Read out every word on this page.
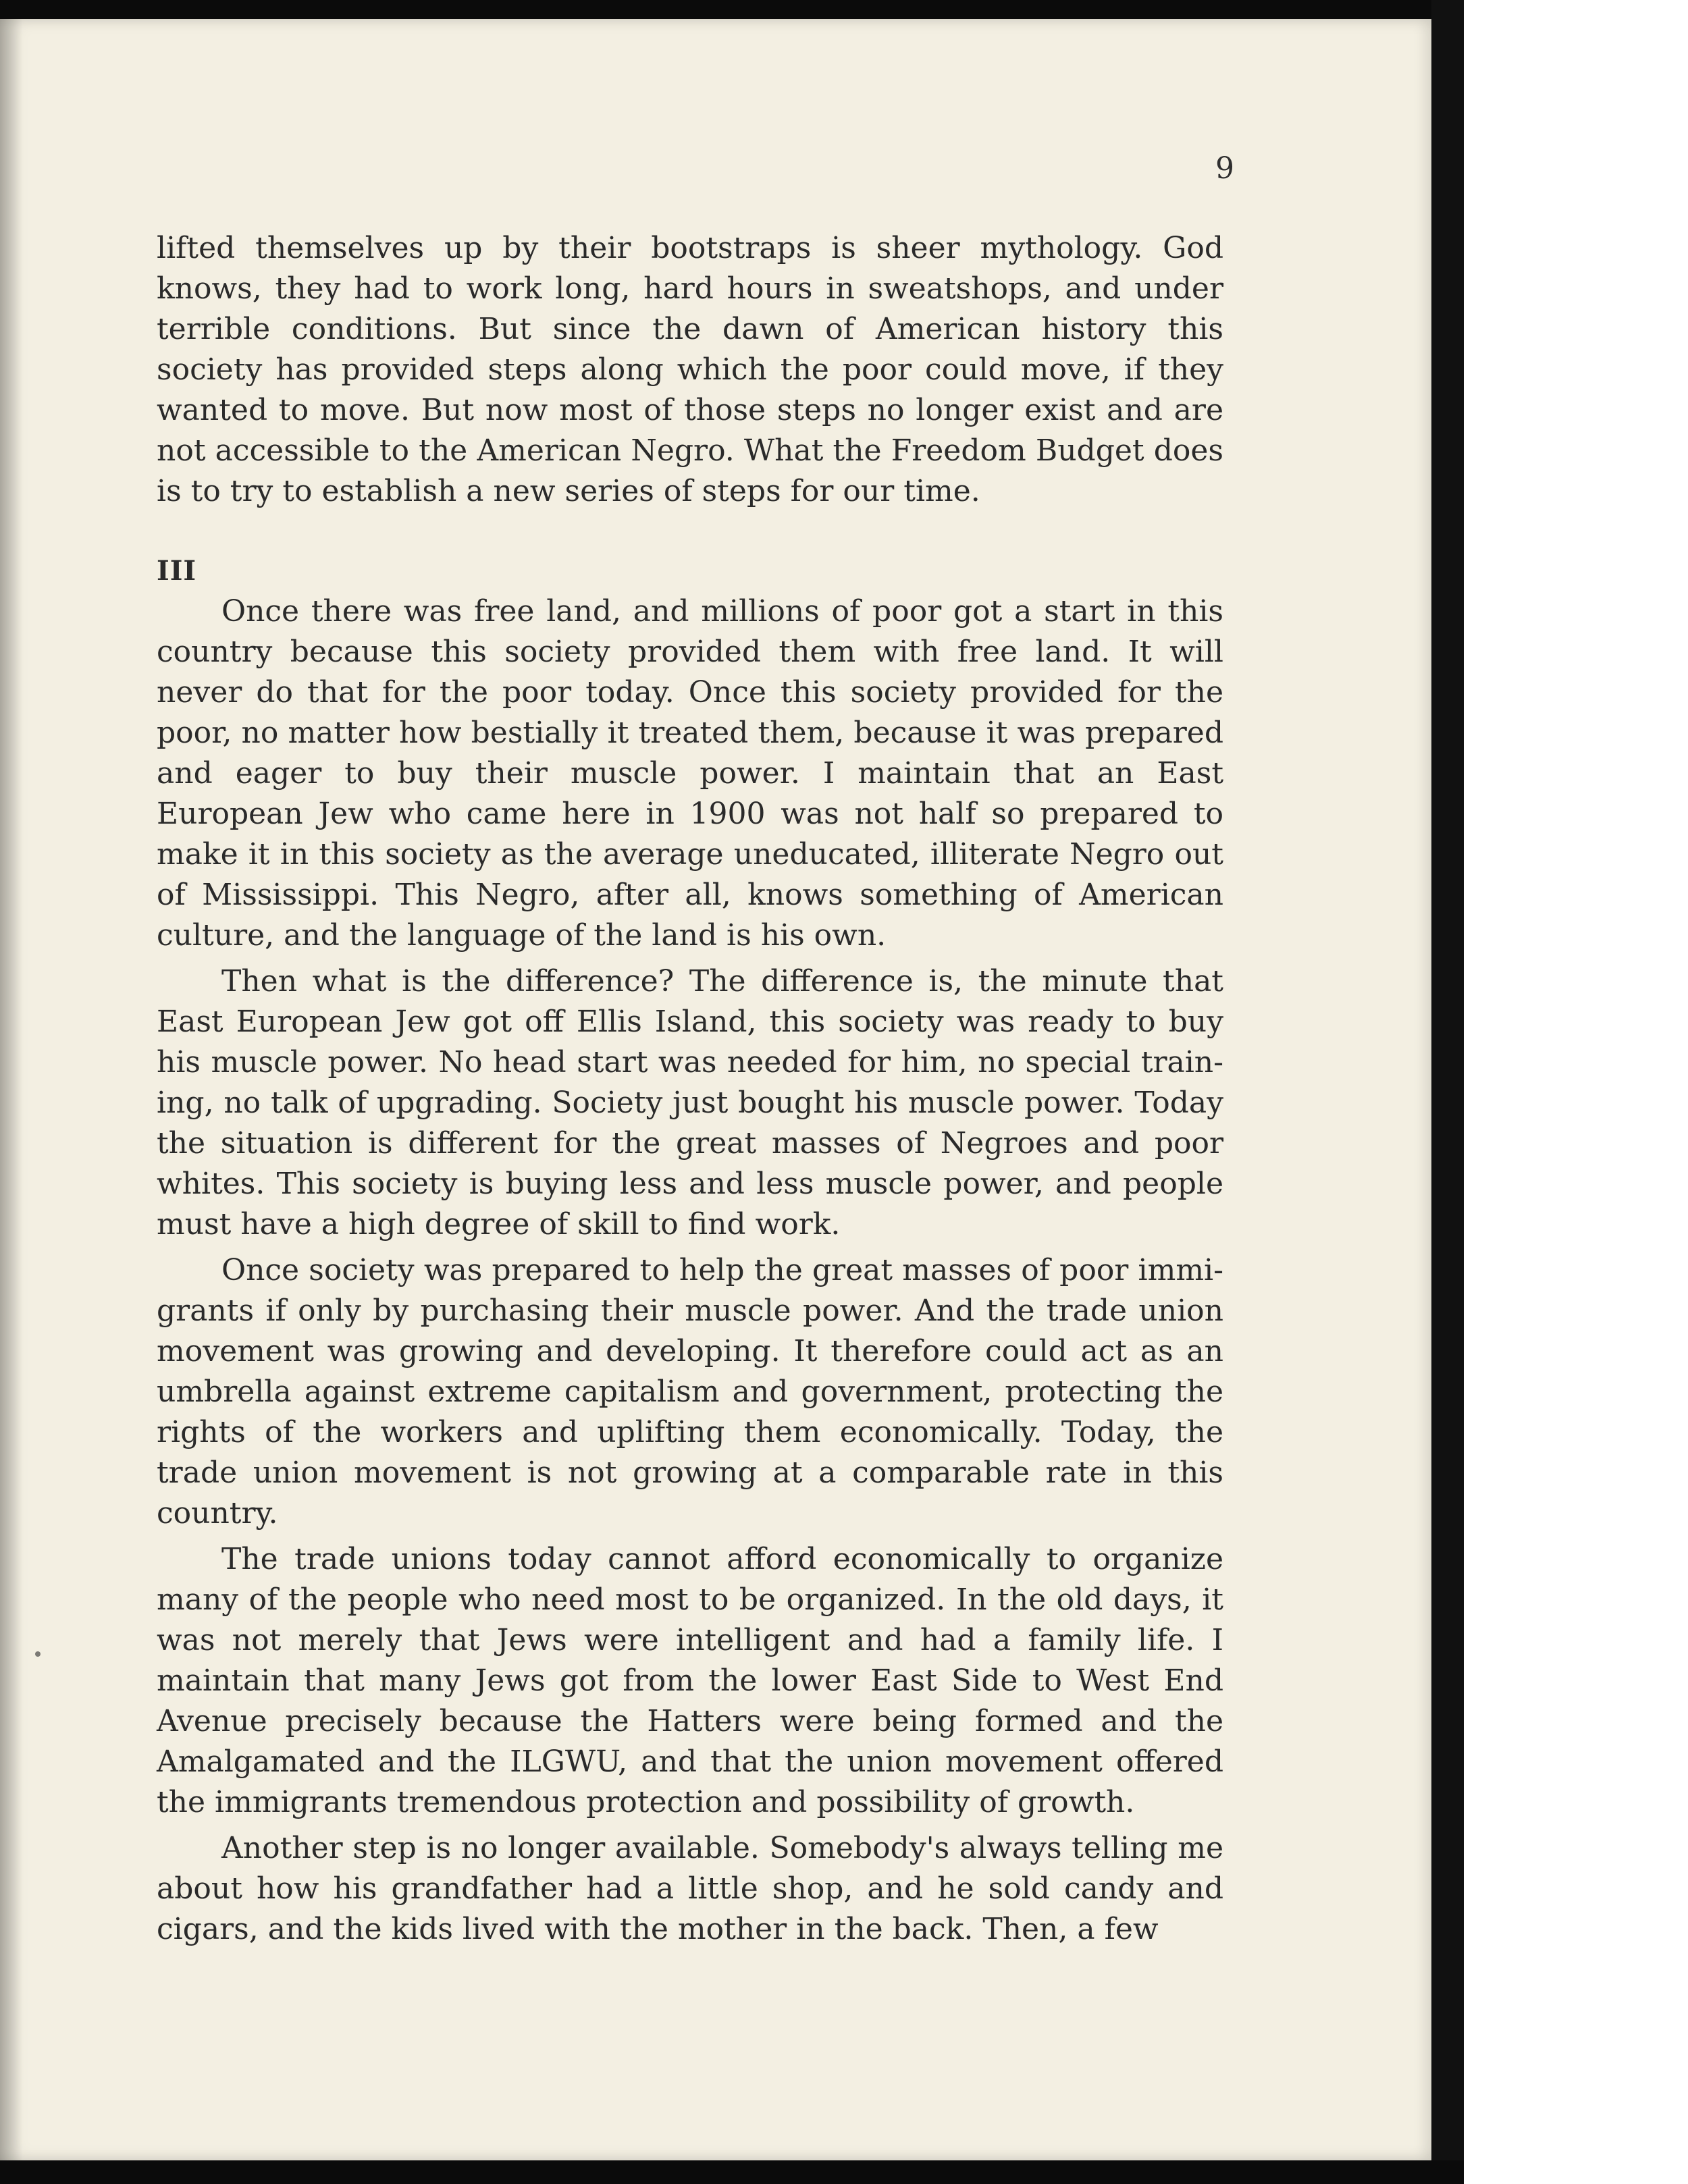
9

lifted themselves up by their bootstraps is sheer mythology. God knows, they had to work long, hard hours in sweatshops, and under terrible conditions. But since the dawn of American history this society has provided steps along which the poor could move, if they wanted to move. But now most of those steps no longer exist and are not accessible to the American Negro. What the Freedom Budget does is to try to establish a new series of steps for our time.

III

Once there was free land, and millions of poor got a start in this country because this society provided them with free land. It will never do that for the poor today. Once this society provided for the poor, no matter how bestially it treated them, because it was prepared and eager to buy their muscle power. I maintain that an East European Jew who came here in 1900 was not half so prepared to make it in this society as the average uneducated, illiterate Negro out of Mississippi. This Negro, after all, knows something of American culture, and the language of the land is his own.

Then what is the difference? The difference is, the minute that East European Jew got off Ellis Island, this society was ready to buy his muscle power. No head start was needed for him, no special training, no talk of upgrading. Society just bought his muscle power. Today the situation is different for the great masses of Negroes and poor whites. This society is buying less and less muscle power, and people must have a high degree of skill to find work.

Once society was prepared to help the great masses of poor immigrants if only by purchasing their muscle power. And the trade union movement was growing and developing. It therefore could act as an umbrella against extreme capitalism and government, protecting the rights of the workers and uplifting them economically. Today, the trade union movement is not growing at a comparable rate in this country.

The trade unions today cannot afford economically to organize many of the people who need most to be organized. In the old days, it was not merely that Jews were intelligent and had a family life. I maintain that many Jews got from the lower East Side to West End Avenue precisely because the Hatters were being formed and the Amalgamated and the ILGWU, and that the union movement offered the immigrants tremendous protection and possibility of growth.

Another step is no longer available. Somebody's always telling me about how his grandfather had a little shop, and he sold candy and cigars, and the kids lived with the mother in the back. Then, a few
